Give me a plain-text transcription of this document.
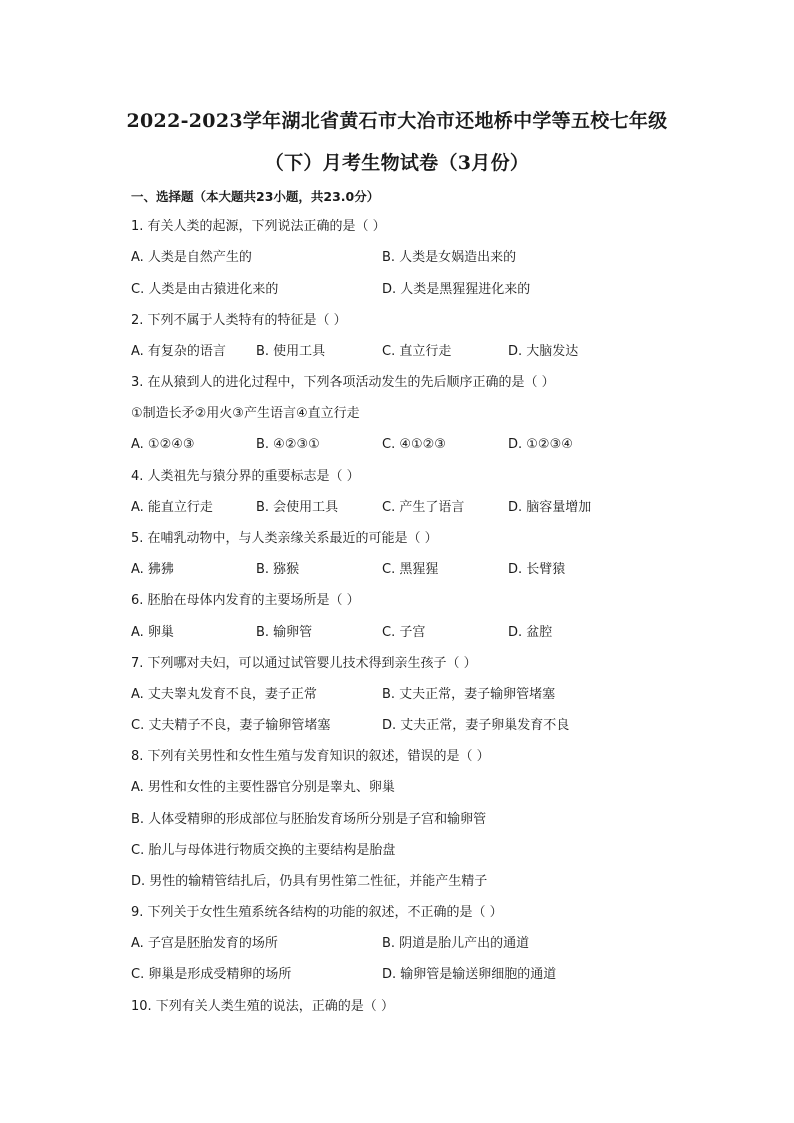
2022-2023学年湖北省黄石市大冶市还地桥中学等五校七年级
（下）月考生物试卷（3月份）
一、选择题（本大题共23小题，共23.0分）
1. 有关人类的起源，下列说法正确的是（ ）
A. 人类是自然产生的	B. 人类是女娲造出来的
C. 人类是由古猿进化来的	D. 人类是黑猩猩进化来的
2. 下列不属于人类特有的特征是（ ）
A. 有复杂的语言 B. 使用工具	C. 直立行走	D. 大脑发达
3. 在从猿到人的进化过程中，下列各项活动发生的先后顺序正确的是（ ）
①制造长矛②用火③产生语言④直立行走
A. ①②④③	B. ④②③①	C. ④①②③	D. ①②③④
4. 人类祖先与猿分界的重要标志是（ ）
A. 能直立行走	B. 会使用工具	C. 产生了语言	D. 脑容量增加
5. 在哺乳动物中，与人类亲缘关系最近的可能是（ ）
A. 狒狒	B. 猕猴	C. 黑猩猩	D. 长臂猿
6. 胚胎在母体内发育的主要场所是（ ）
A. 卵巢	B. 输卵管	C. 子宫	D. 盆腔
7. 下列哪对夫妇，可以通过试管婴儿技术得到亲生孩子（ ）
A. 丈夫睾丸发育不良，妻子正常	B. 丈夫正常，妻子输卵管堵塞
C. 丈夫精子不良，妻子输卵管堵塞	D. 丈夫正常，妻子卵巢发育不良
8. 下列有关男性和女性生殖与发育知识的叙述，错误的是（ ）
A. 男性和女性的主要性器官分别是睾丸、卵巢
B. 人体受精卵的形成部位与胚胎发育场所分别是子宫和输卵管
C. 胎儿与母体进行物质交换的主要结构是胎盘
D. 男性的输精管结扎后，仍具有男性第二性征，并能产生精子
9. 下列关于女性生殖系统各结构的功能的叙述，不正确的是（ ）
A. 子宫是胚胎发育的场所	B. 阴道是胎儿产出的通道
C. 卵巢是形成受精卵的场所	D. 输卵管是输送卵细胞的通道
10. 下列有关人类生殖的说法，正确的是（ ）
